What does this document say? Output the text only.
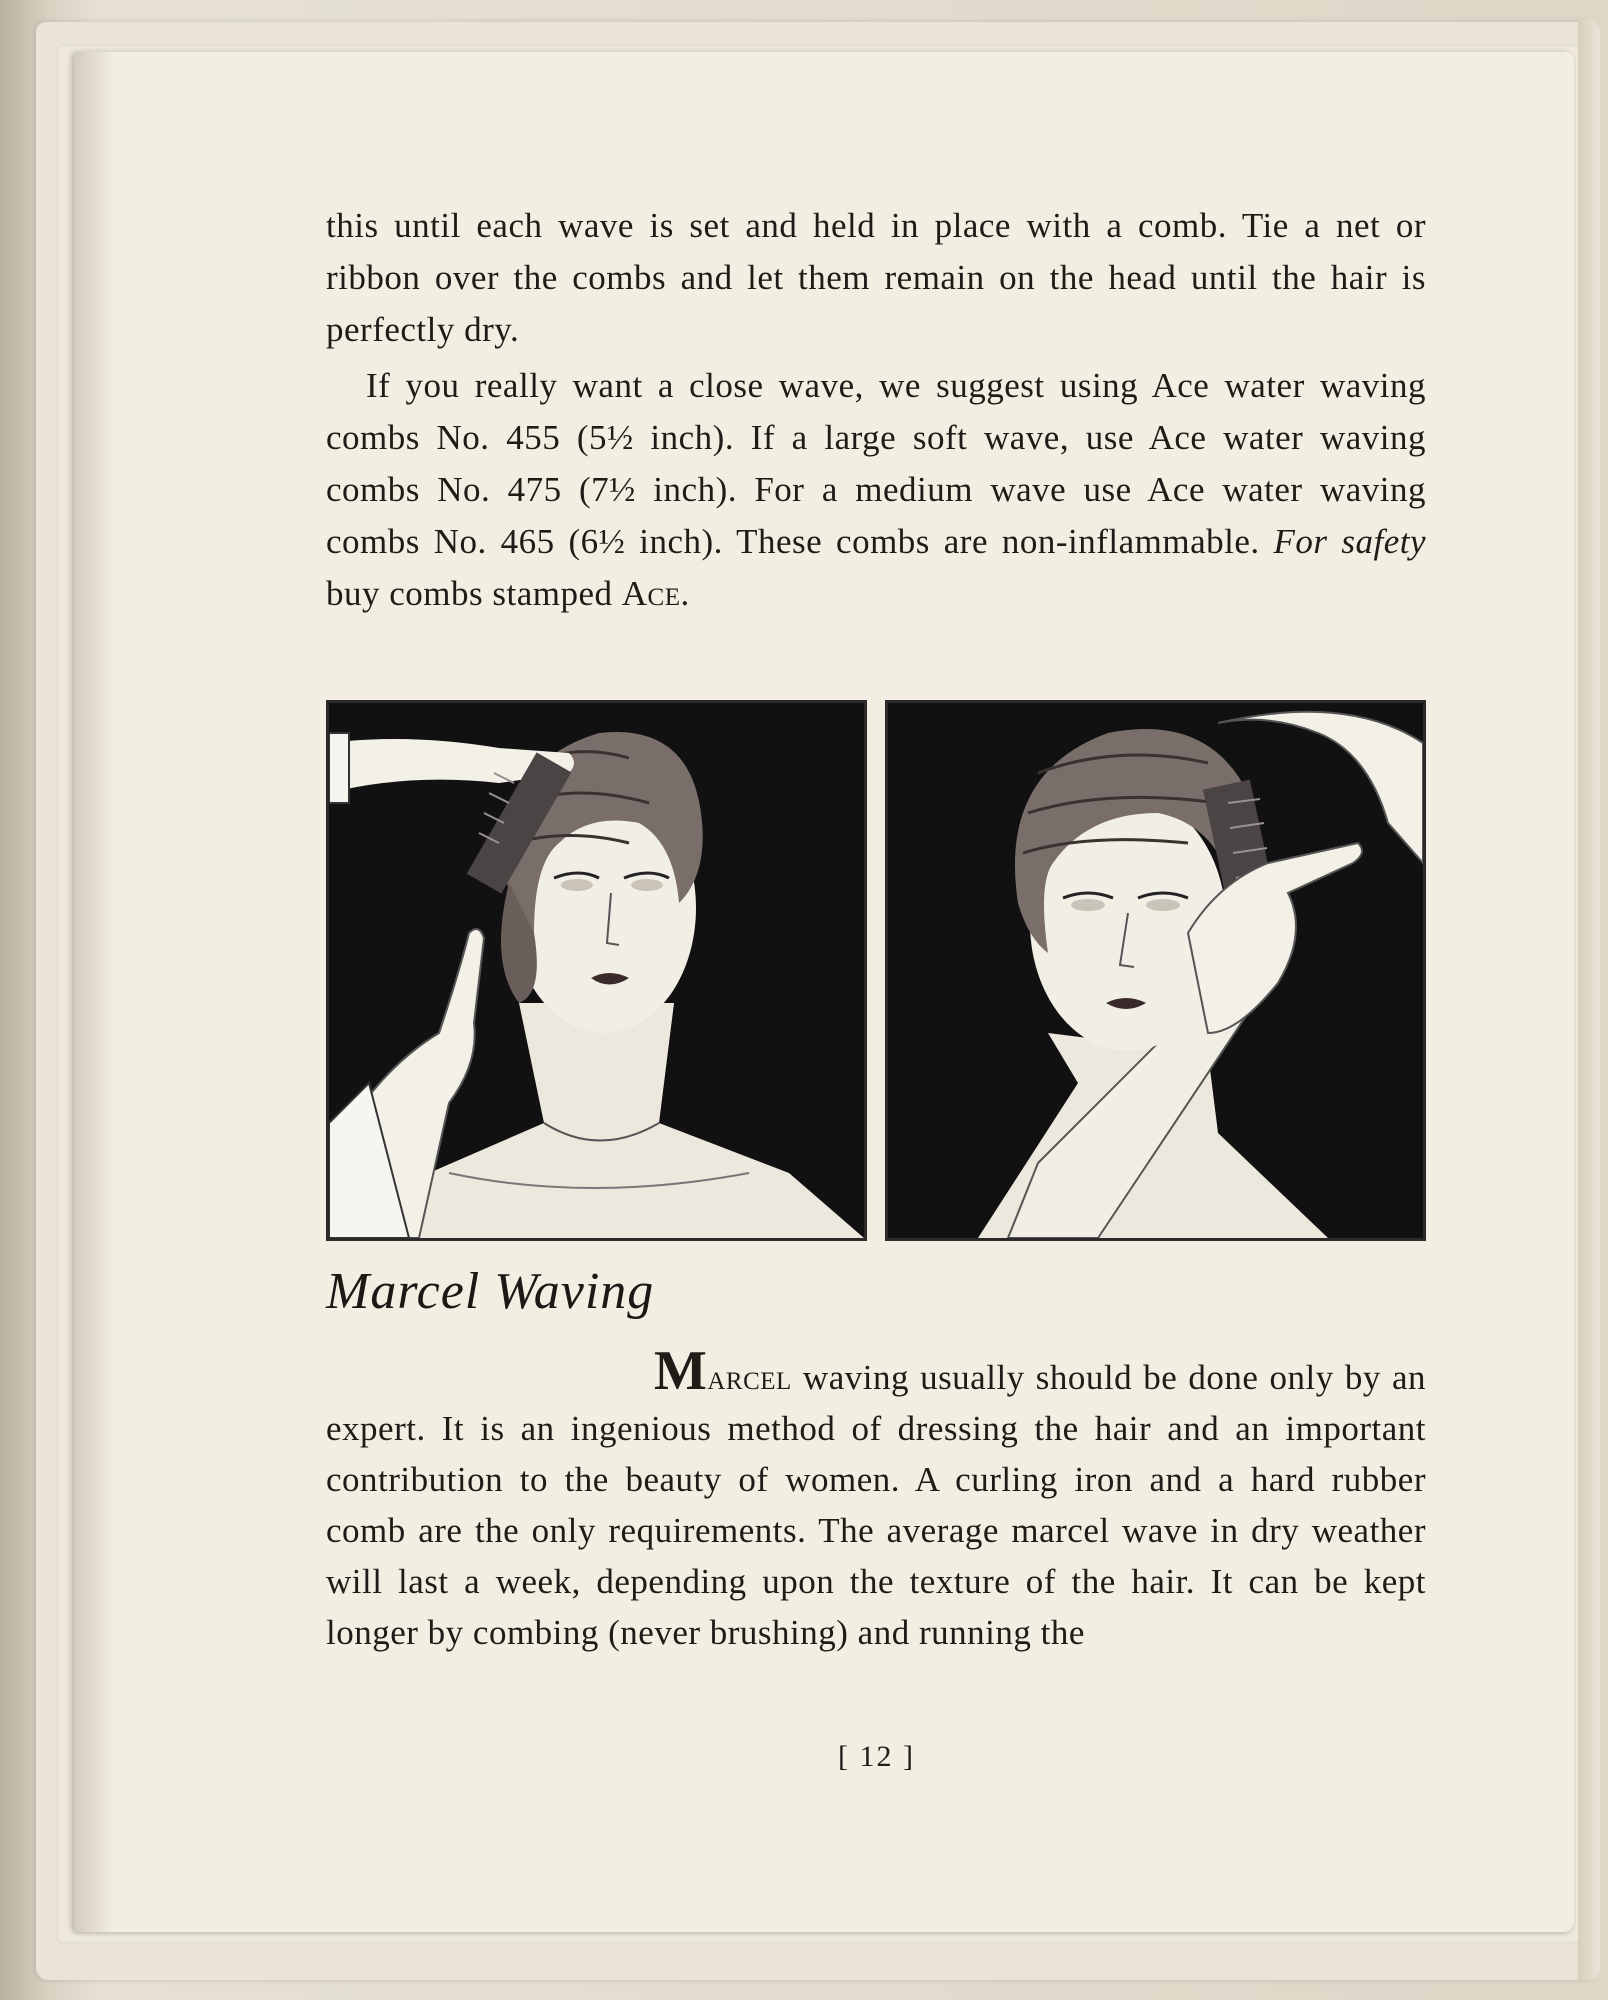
this until each wave is set and held in place with a comb. Tie a net or ribbon over the combs and let them remain on the head until the hair is perfectly dry.

If you really want a close wave, we suggest using Ace water waving combs No. 455 (5½ inch). If a large soft wave, use Ace water waving combs No. 475 (7½ inch). For a medium wave use Ace water waving combs No. 465 (6½ inch). These combs are non-inflammable. For safety buy combs stamped Ace.

Marcel Waving

Marcel waving usually should be done only by an expert. It is an ingenious method of dressing the hair and an important contribution to the beauty of women. A curling iron and a hard rubber comb are the only requirements. The average marcel wave in dry weather will last a week, depending upon the texture of the hair. It can be kept longer by combing (never brushing) and running the

[ 12 ]
